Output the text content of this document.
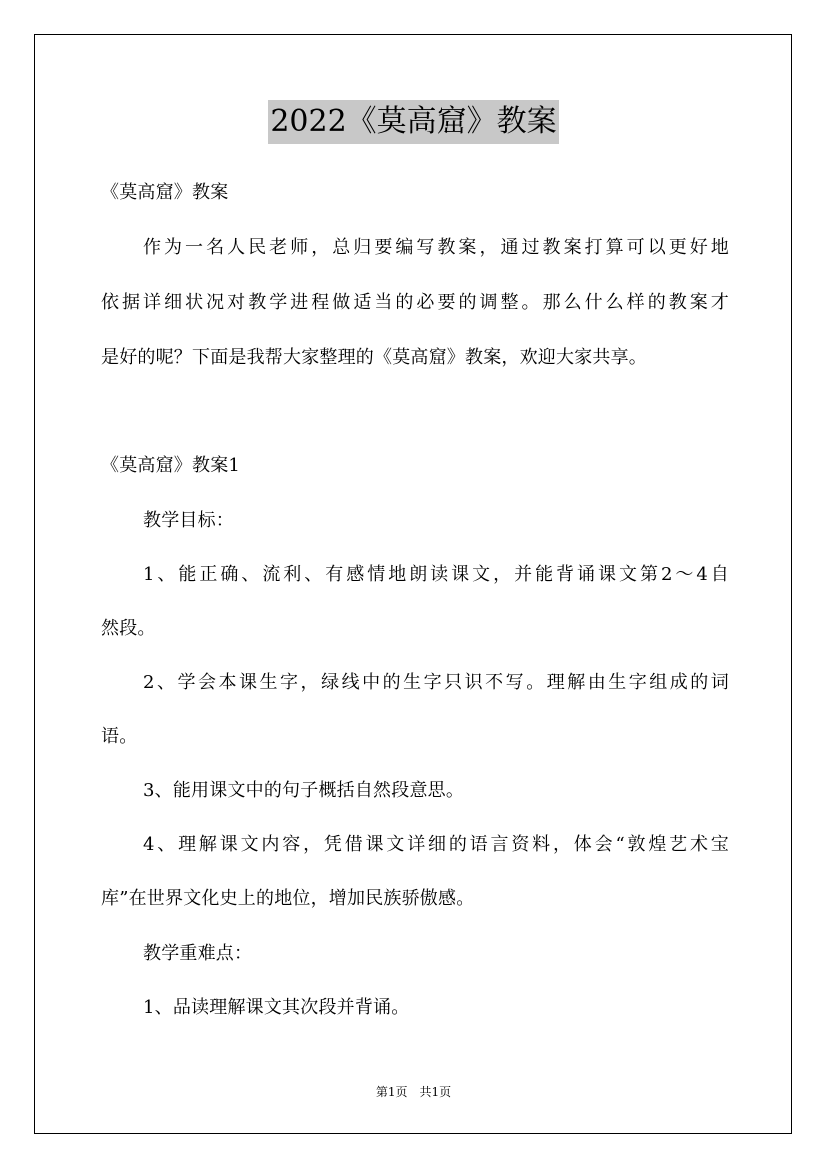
2022《莫高窟》教案
《莫高窟》教案
作为一名人民老师，总归要编写教案，通过教案打算可以更好地
依据详细状况对教学进程做适当的必要的调整。那么什么样的教案才
是好的呢？下面是我帮大家整理的《莫高窟》教案，欢迎大家共享。
《莫高窟》教案1
教学目标：
1、能正确、流利、有感情地朗读课文，并能背诵课文第2～4自
然段。
2、学会本课生字，绿线中的生字只识不写。理解由生字组成的词
语。
3、能用课文中的句子概括自然段意思。
4、理解课文内容，凭借课文详细的语言资料，体会“敦煌艺术宝
库”在世界文化史上的地位，增加民族骄傲感。
教学重难点：
1、品读理解课文其次段并背诵。
第1页　共1页
